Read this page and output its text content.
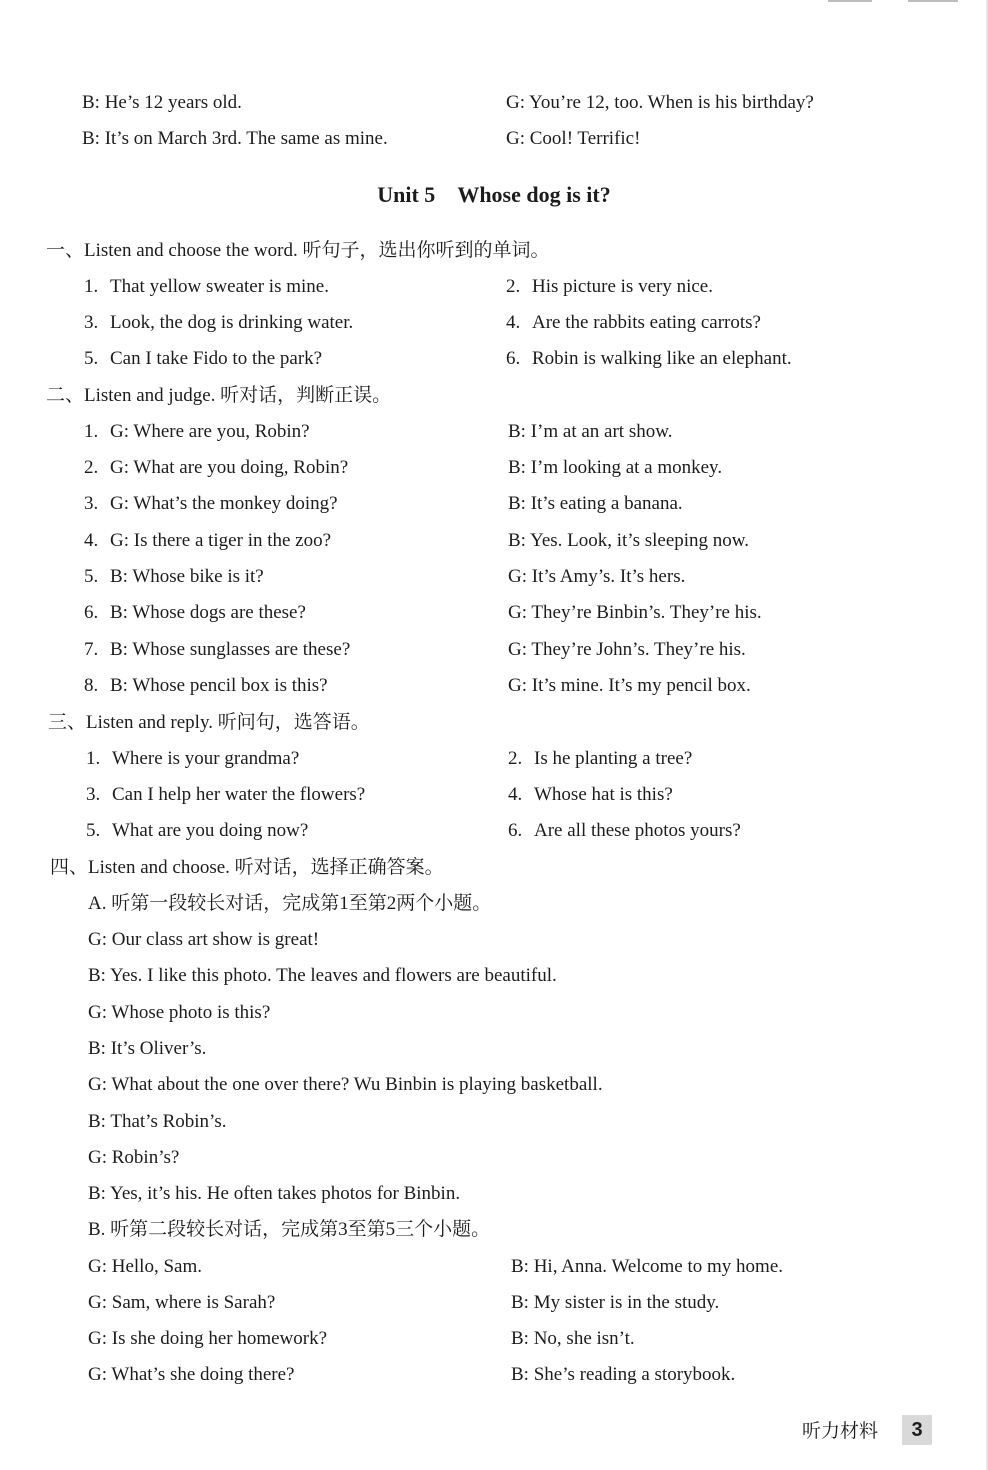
B: He’s 12 years old.	G: You’re 12, too. When is his birthday?
B: It’s on March 3rd. The same as mine.	G: Cool! Terrific!
Unit 5 Whose dog is it?
一、Listen and choose the word. 听句子，选出你听到的单词。
1. That yellow sweater is mine.	2. His picture is very nice.
3. Look, the dog is drinking water.	4. Are the rabbits eating carrots?
5. Can I take Fido to the park?	6. Robin is walking like an elephant.
二、Listen and judge. 听对话，判断正误。
1. G: Where are you, Robin?	B: I’m at an art show.
2. G: What are you doing, Robin?	B: I’m looking at a monkey.
3. G: What’s the monkey doing?	B: It’s eating a banana.
4. G: Is there a tiger in the zoo?	B: Yes. Look, it’s sleeping now.
5. B: Whose bike is it?	G: It’s Amy’s. It’s hers.
6. B: Whose dogs are these?	G: They’re Binbin’s. They’re his.
7. B: Whose sunglasses are these?	G: They’re John’s. They’re his.
8. B: Whose pencil box is this?	G: It’s mine. It’s my pencil box.
三、Listen and reply. 听问句，选答语。
1. Where is your grandma?	2. Is he planting a tree?
3. Can I help her water the flowers?	4. Whose hat is this?
5. What are you doing now?	6. Are all these photos yours?
四、Listen and choose. 听对话，选择正确答案。
A. 听第一段较长对话，完成第1至第2两个小题。
G: Our class art show is great!
B: Yes. I like this photo. The leaves and flowers are beautiful.
G: Whose photo is this?
B: It’s Oliver’s.
G: What about the one over there? Wu Binbin is playing basketball.
B: That’s Robin’s.
G: Robin’s?
B: Yes, it’s his. He often takes photos for Binbin.
B. 听第二段较长对话，完成第3至第5三个小题。
G: Hello, Sam.	B: Hi, Anna. Welcome to my home.
G: Sam, where is Sarah?	B: My sister is in the study.
G: Is she doing her homework?	B: No, she isn’t.
G: What’s she doing there?	B: She’s reading a storybook.
听力材料	3
